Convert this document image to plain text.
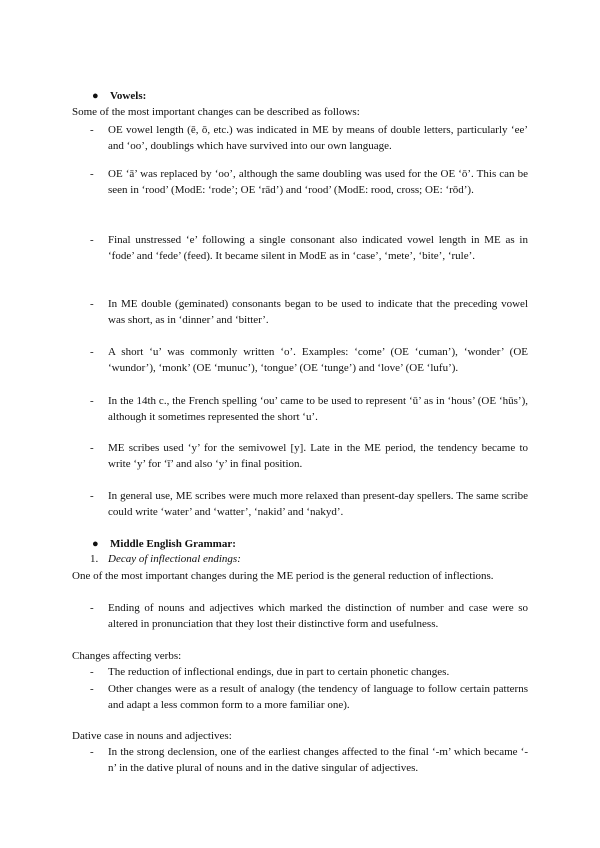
● Vowels:
Some of the most important changes can be described as follows:
- OE vowel length (ē, ō, etc.) was indicated in ME by means of double letters, particularly ‘ee’ and ‘oo’, doublings which have survived into our own language.
- OE ‘ā’ was replaced by ‘oo’, although the same doubling was used for the OE ‘ō’. This can be seen in ‘rood’ (ModE: ‘rode’; OE ‘rād’) and ‘rood’ (ModE: rood, cross; OE: ‘rōd’).
- Final unstressed ‘e’ following a single consonant also indicated vowel length in ME as in ‘fode’ and ‘fede’ (feed). It became silent in ModE as in ‘case’, ‘mete’, ‘bite’, ‘rule’.
- In ME double (geminated) consonants began to be used to indicate that the preceding vowel was short, as in ‘dinner’ and ‘bitter’.
- A short ‘u’ was commonly written ‘o’. Examples: ‘come’ (OE ‘cuman’), ‘wonder’ (OE ‘wundor’), ‘monk’ (OE ‘munuc’), ‘tongue’ (OE ‘tunge’) and ‘love’ (OE ‘lufu’).
- In the 14th c., the French spelling ‘ou’ came to be used to represent ‘ū’ as in ‘hous’ (OE ‘hūs’), although it sometimes represented the short ‘u’.
- ME scribes used ‘y’ for the semivowel [y]. Late in the ME period, the tendency became to write ‘y’ for ‘ī’ and also ‘y’ in final position.
- In general use, ME scribes were much more relaxed than present-day spellers. The same scribe could write ‘water’ and ‘watter’, ‘nakid’ and ‘nakyd’.
● Middle English Grammar:
1. Decay of inflectional endings:
One of the most important changes during the ME period is the general reduction of inflections.
- Ending of nouns and adjectives which marked the distinction of number and case were so altered in pronunciation that they lost their distinctive form and usefulness.
Changes affecting verbs:
- The reduction of inflectional endings, due in part to certain phonetic changes.
- Other changes were as a result of analogy (the tendency of language to follow certain patterns and adapt a less common form to a more familiar one).
Dative case in nouns and adjectives:
- In the strong declension, one of the earliest changes affected to the final ‘-m’ which became ‘-n’ in the dative plural of nouns and in the dative singular of adjectives.
